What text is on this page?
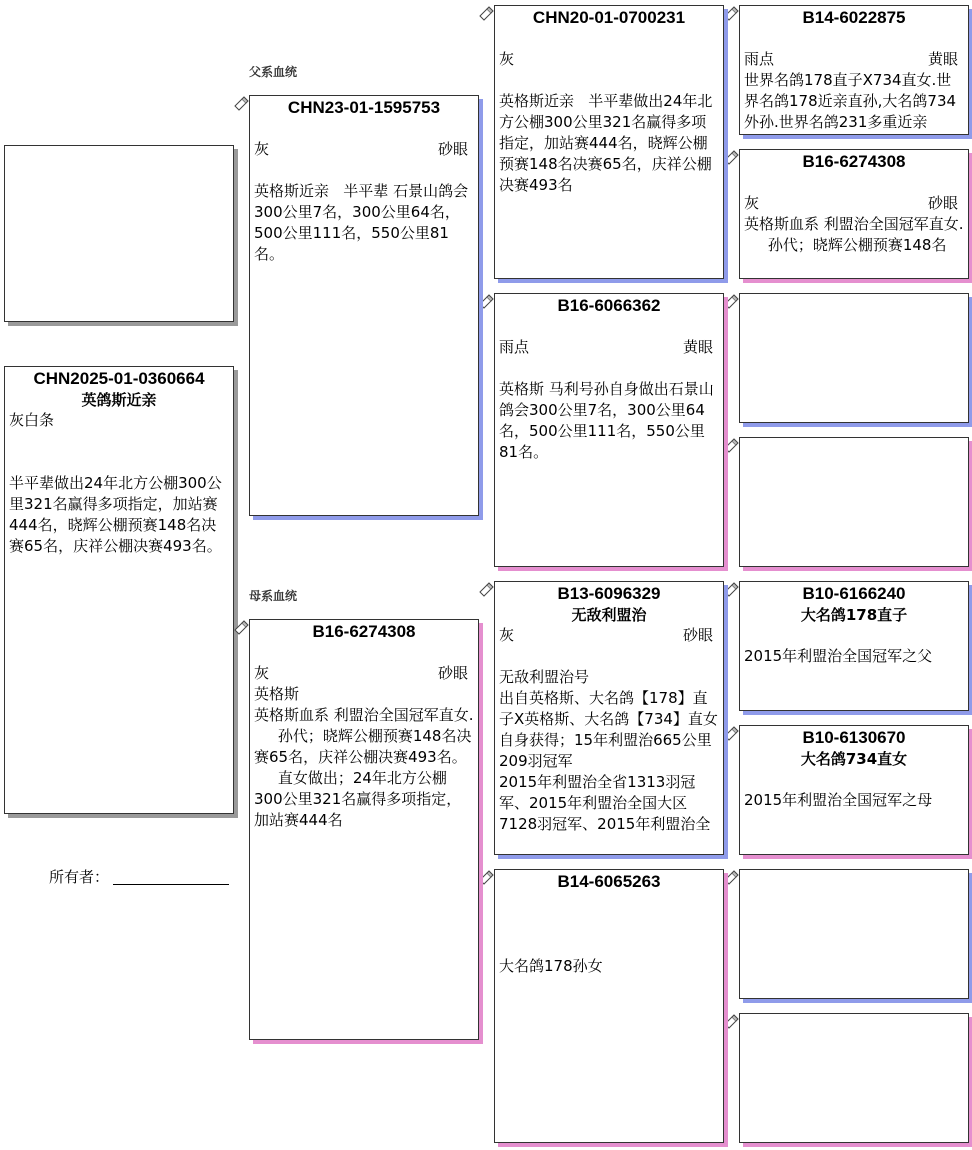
CHN2025-01-0360664
英鸽斯近亲
灰白条

半平辈做出24年北方公棚300公里321名赢得多项指定，加站赛444名，晓辉公棚预赛148名决赛65名，庆祥公棚决赛493名。
所有者：
父系血统
母系血统
CHN23-01-1595753
灰	砂眼

英格斯近亲   半平辈 石景山鸽会300公里7名，300公里64名，500公里111名，550公里81名。
B16-6274308
灰	砂眼
英格斯
英格斯血系 利盟治全国冠军直女.
孙代；晓辉公棚预赛148名决赛65名，庆祥公棚决赛493名。
直女做出；24年北方公棚300公里321名赢得多项指定，加站赛444名
CHN20-01-0700231
灰

英格斯近亲   半平辈做出24年北方公棚300公里321名赢得多项指定，加站赛444名，晓辉公棚预赛148名决赛65名，庆祥公棚决赛493名
B16-6066362
雨点	黄眼

英格斯 马利号孙自身做出石景山鸽会300公里7名，300公里64名，500公里111名，550公里81名。
B13-6096329
无敌利盟治
灰	砂眼

无敌利盟治号
出自英格斯、大名鸽【178】直子X英格斯、大名鸽【734】直女
自身获得；15年利盟治665公里209羽冠军
2015年利盟治全省1313羽冠军、2015年利盟治全国大区7128羽冠军、2015年利盟治全
B14-6065263

大名鸽178孙女
B14-6022875
雨点	黄眼
世界名鸽178直子X734直女.世界名鸽178近亲直孙,大名鸽734外孙.世界名鸽231多重近亲
B16-6274308
灰	砂眼
英格斯血系 利盟治全国冠军直女.
孙代；晓辉公棚预赛148名
B10-6166240
大名鸽178直子

2015年利盟治全国冠军之父
B10-6130670
大名鸽734直女

2015年利盟治全国冠军之母
